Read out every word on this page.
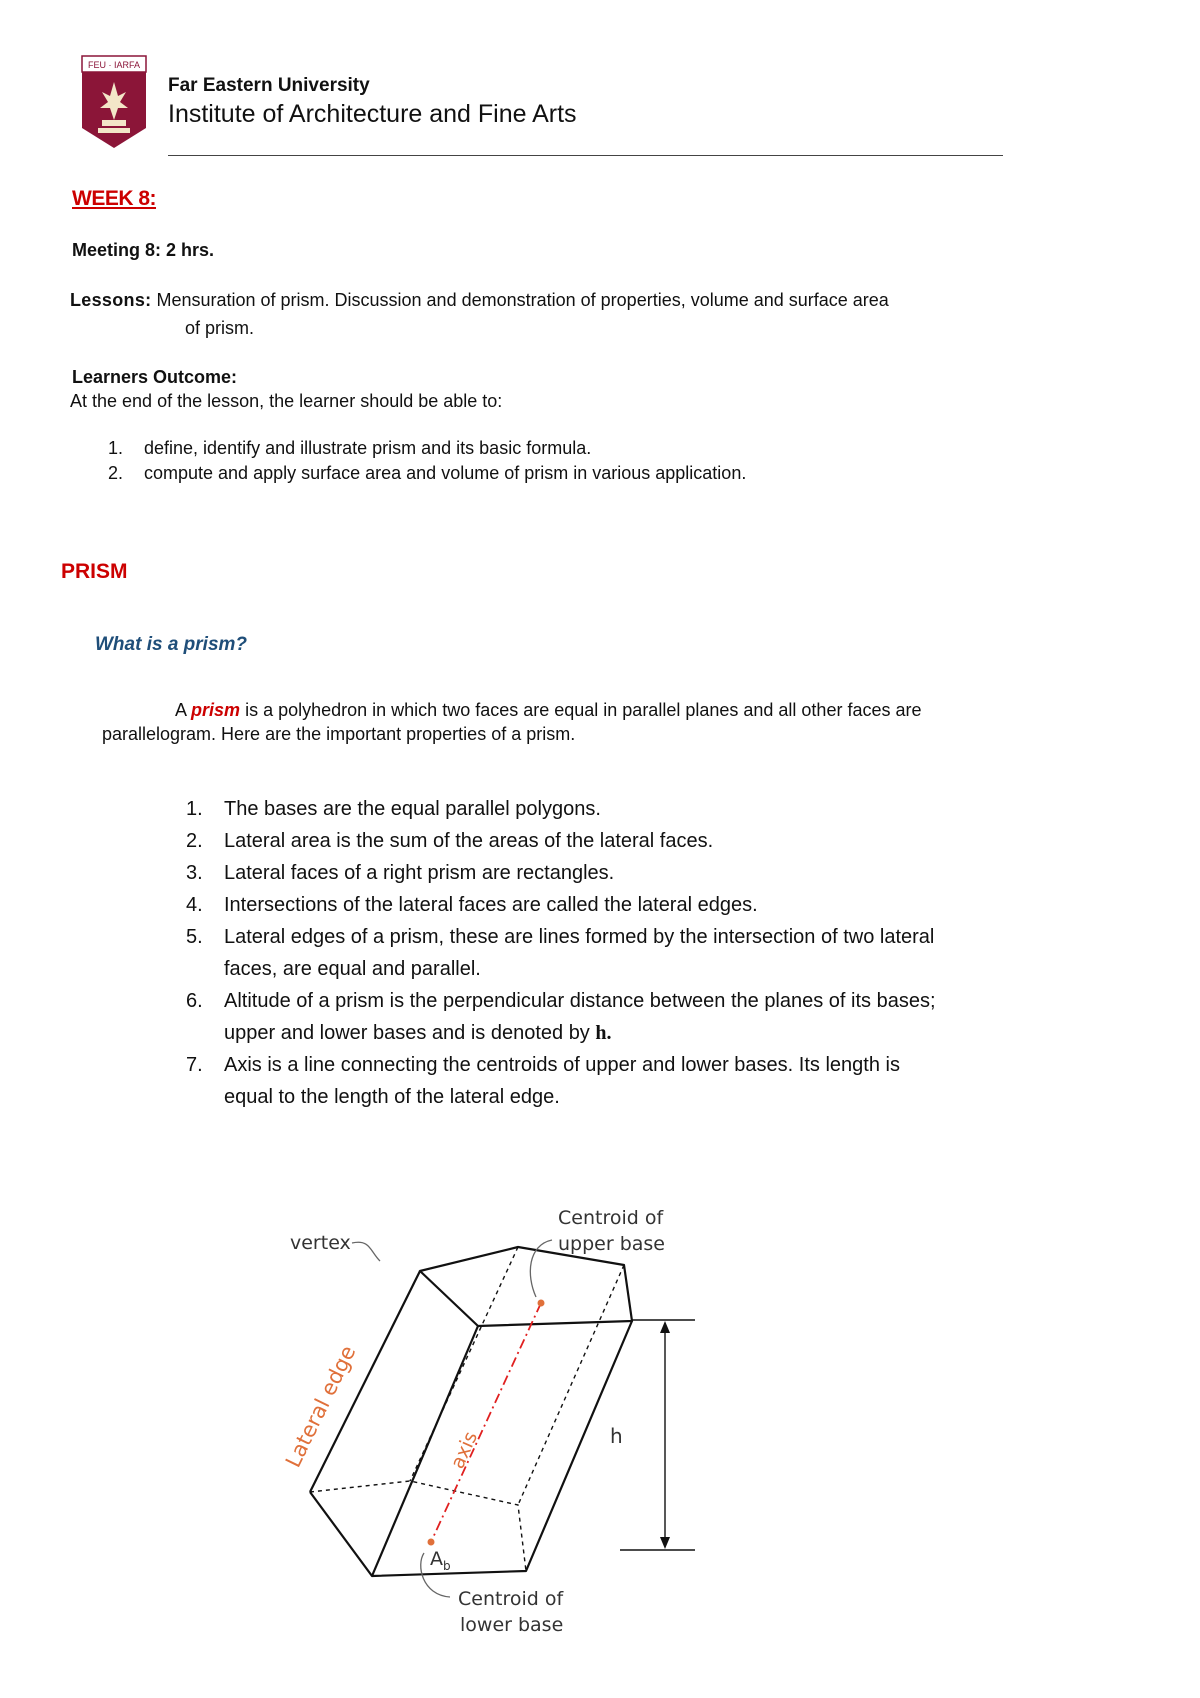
FEU · IARFA
Far Eastern University
Institute of Architecture and Fine Arts
WEEK 8:
Meeting 8: 2 hrs.
Lessons: Mensuration of prism. Discussion and demonstration of properties, volume and surface area
of prism.
Learners Outcome:
At the end of the lesson, the learner should be able to:
1.	define, identify and illustrate prism and its basic formula.
2.	compute and apply surface area and volume of prism in various application.
PRISM
What is a prism?
A prism is a polyhedron in which two faces are equal in parallel planes and all other faces are
parallelogram. Here are the important properties of a prism.
1.	The bases are the equal parallel polygons.
2.	Lateral area is the sum of the areas of the lateral faces.
3.	Lateral faces of a right prism are rectangles.
4.	Intersections of the lateral faces are called the lateral edges.
5.	Lateral edges of a prism, these are lines formed by the intersection of two lateral
faces, are equal and parallel.
6.	Altitude of a prism is the perpendicular distance between the planes of its bases;
upper and lower bases and is denoted by h.
7.	Axis is a line connecting the centroids of upper and lower bases. Its length is
equal to the length of the lateral edge.
vertex
Centroid of
upper base
Centroid of
lower base
Lateral edge	axis	h
$A_b$
